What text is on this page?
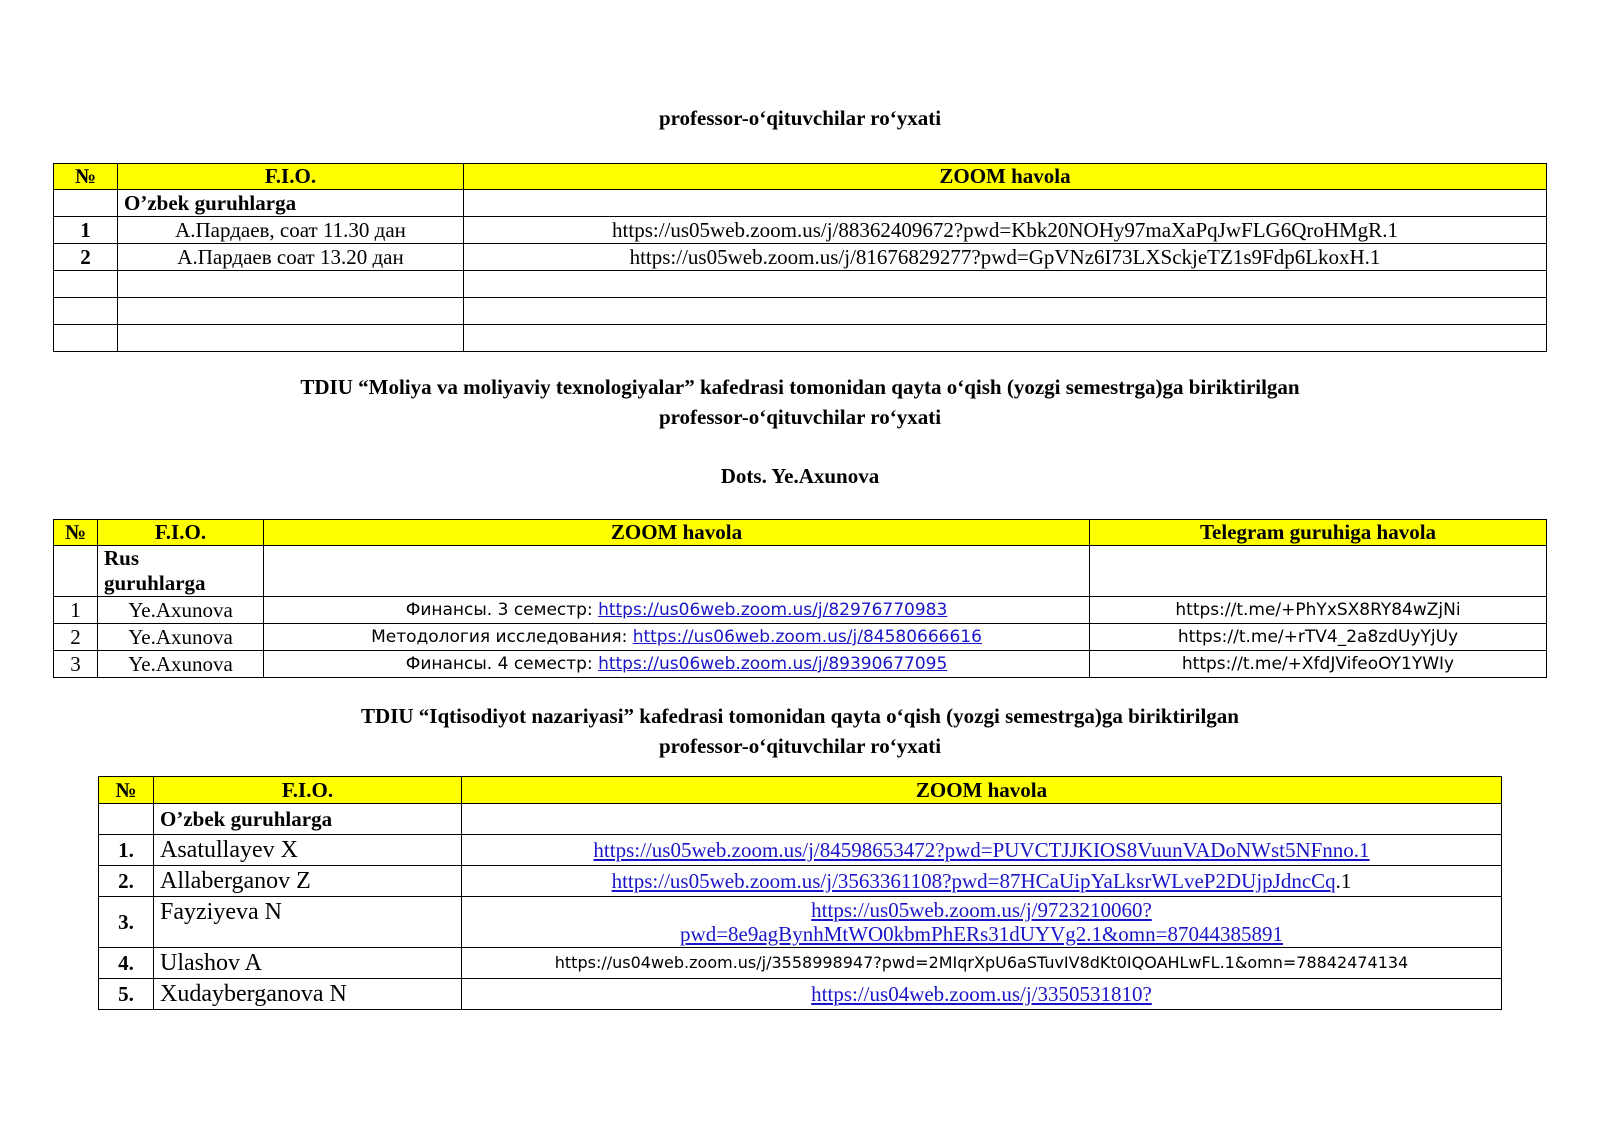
professor-o‘qituvchilar ro‘yxati
№	F.I.O.	ZOOM havola
	O’zbek guruhlarga	
1	А.Пардаев, соат 11.30 дан	https://us05web.zoom.us/j/88362409672?pwd=Kbk20NOHy97maXaPqJwFLG6QroHMgR.1
2	А.Пардаев соат 13.20 дан	https://us05web.zoom.us/j/81676829277?pwd=GpVNz6I73LXSckjeTZ1s9Fdp6LkoxH.1

TDIU “Moliya va moliyaviy texnologiyalar” kafedrasi tomonidan qayta o‘qish (yozgi semestrga)ga biriktirilgan
professor-o‘qituvchilar ro‘yxati
Dots. Ye.Axunova
№	F.I.O.	ZOOM havola	Telegram guruhiga havola
	Rus
guruhlarga		
1	Ye.Axunova	Финансы. 3 семестр: https://us06web.zoom.us/j/82976770983	https://t.me/+PhYxSX8RY84wZjNi
2	Ye.Axunova	Методология исследования: https://us06web.zoom.us/j/84580666616	https://t.me/+rTV4_2a8zdUyYjUy
3	Ye.Axunova	Финансы. 4 семестр: https://us06web.zoom.us/j/89390677095	https://t.me/+XfdJVifeoOY1YWIy
TDIU “Iqtisodiyot nazariyasi” kafedrasi tomonidan qayta o‘qish (yozgi semestrga)ga biriktirilgan
professor-o‘qituvchilar ro‘yxati
№	F.I.O.	ZOOM havola
	O’zbek guruhlarga	
1.	Asatullayev X	https://us05web.zoom.us/j/84598653472?pwd=PUVCTJJKIOS8VuunVADoNWst5NFnno.1
2.	Allaberganov Z	https://us05web.zoom.us/j/3563361108?pwd=87HCaUipYaLksrWLveP2DUjpJdncCq.1
3.	Fayziyeva N	https://us05web.zoom.us/j/9723210060?
pwd=8e9agBynhMtWO0kbmPhERs31dUYVg2.1&omn=87044385891
4.	Ulashov A	https://us04web.zoom.us/j/3558998947?pwd=2MIqrXpU6aSTuvIV8dKt0IQOAHLwFL.1&omn=78842474134
5.	Xudayberganova N	https://us04web.zoom.us/j/3350531810?
